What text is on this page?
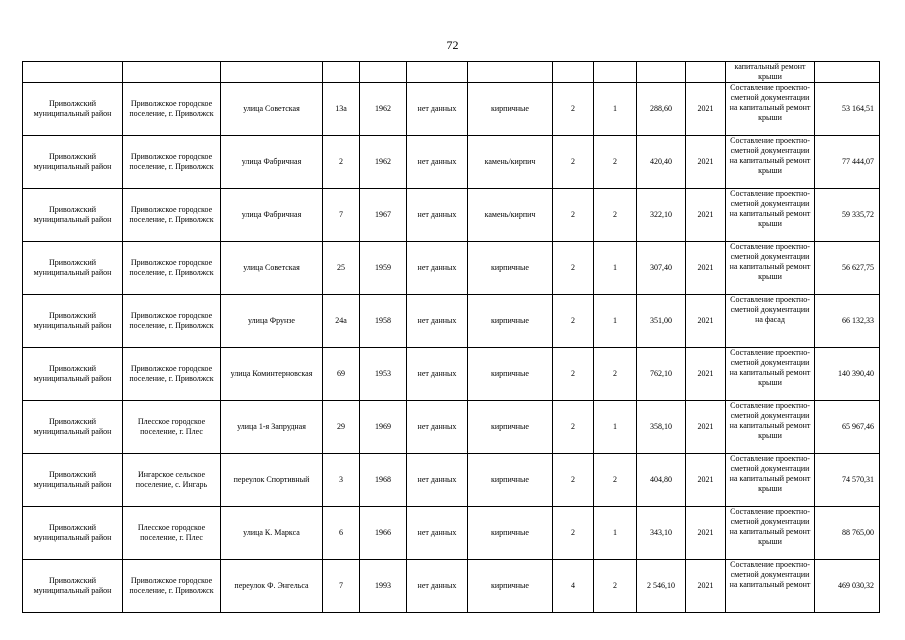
72
											капитальный ремонт крыши	
Приволжский муниципальный район	Приволжское городское поселение, г. Приволжск	улица Советская	13а	1962	нет данных	кирпичные	2	1	288,60	2021	Составление проектно-сметной документации на капитальный ремонт крыши	53 164,51
Приволжский муниципальный район	Приволжское городское поселение, г. Приволжск	улица Фабричная	2	1962	нет данных	камень/кирпич	2	2	420,40	2021	Составление проектно-сметной документации на капитальный ремонт крыши	77 444,07
Приволжский муниципальный район	Приволжское городское поселение, г. Приволжск	улица Фабричная	7	1967	нет данных	камень/кирпич	2	2	322,10	2021	Составление проектно-сметной документации на капитальный ремонт крыши	59 335,72
Приволжский муниципальный район	Приволжское городское поселение, г. Приволжск	улица Советская	25	1959	нет данных	кирпичные	2	1	307,40	2021	Составление проектно-сметной документации на капитальный ремонт крыши	56 627,75
Приволжский муниципальный район	Приволжское городское поселение, г. Приволжск	улица Фрунзе	24а	1958	нет данных	кирпичные	2	1	351,00	2021	Составление проектно-сметной документации на фасад	66 132,33
Приволжский муниципальный район	Приволжское городское поселение, г. Приволжск	улица Коминтерновская	69	1953	нет данных	кирпичные	2	2	762,10	2021	Составление проектно-сметной документации на капитальный ремонт крыши	140 390,40
Приволжский муниципальный район	Плесское городское поселение, г. Плес	улица 1-я Запрудная	29	1969	нет данных	кирпичные	2	1	358,10	2021	Составление проектно-сметной документации на капитальный ремонт крыши	65 967,46
Приволжский муниципальный район	Ингарское сельское поселение, с. Ингарь	переулок Спортивный	3	1968	нет данных	кирпичные	2	2	404,80	2021	Составление проектно-сметной документации на капитальный ремонт крыши	74 570,31
Приволжский муниципальный район	Плесское городское поселение, г. Плес	улица К. Маркса	6	1966	нет данных	кирпичные	2	1	343,10	2021	Составление проектно-сметной документации на капитальный ремонт крыши	88 765,00
Приволжский муниципальный район	Приволжское городское поселение, г. Приволжск	переулок Ф. Энгельса	7	1993	нет данных	кирпичные	4	2	2 546,10	2021	Составление проектно-сметной документации на капитальный ремонт	469 030,32
